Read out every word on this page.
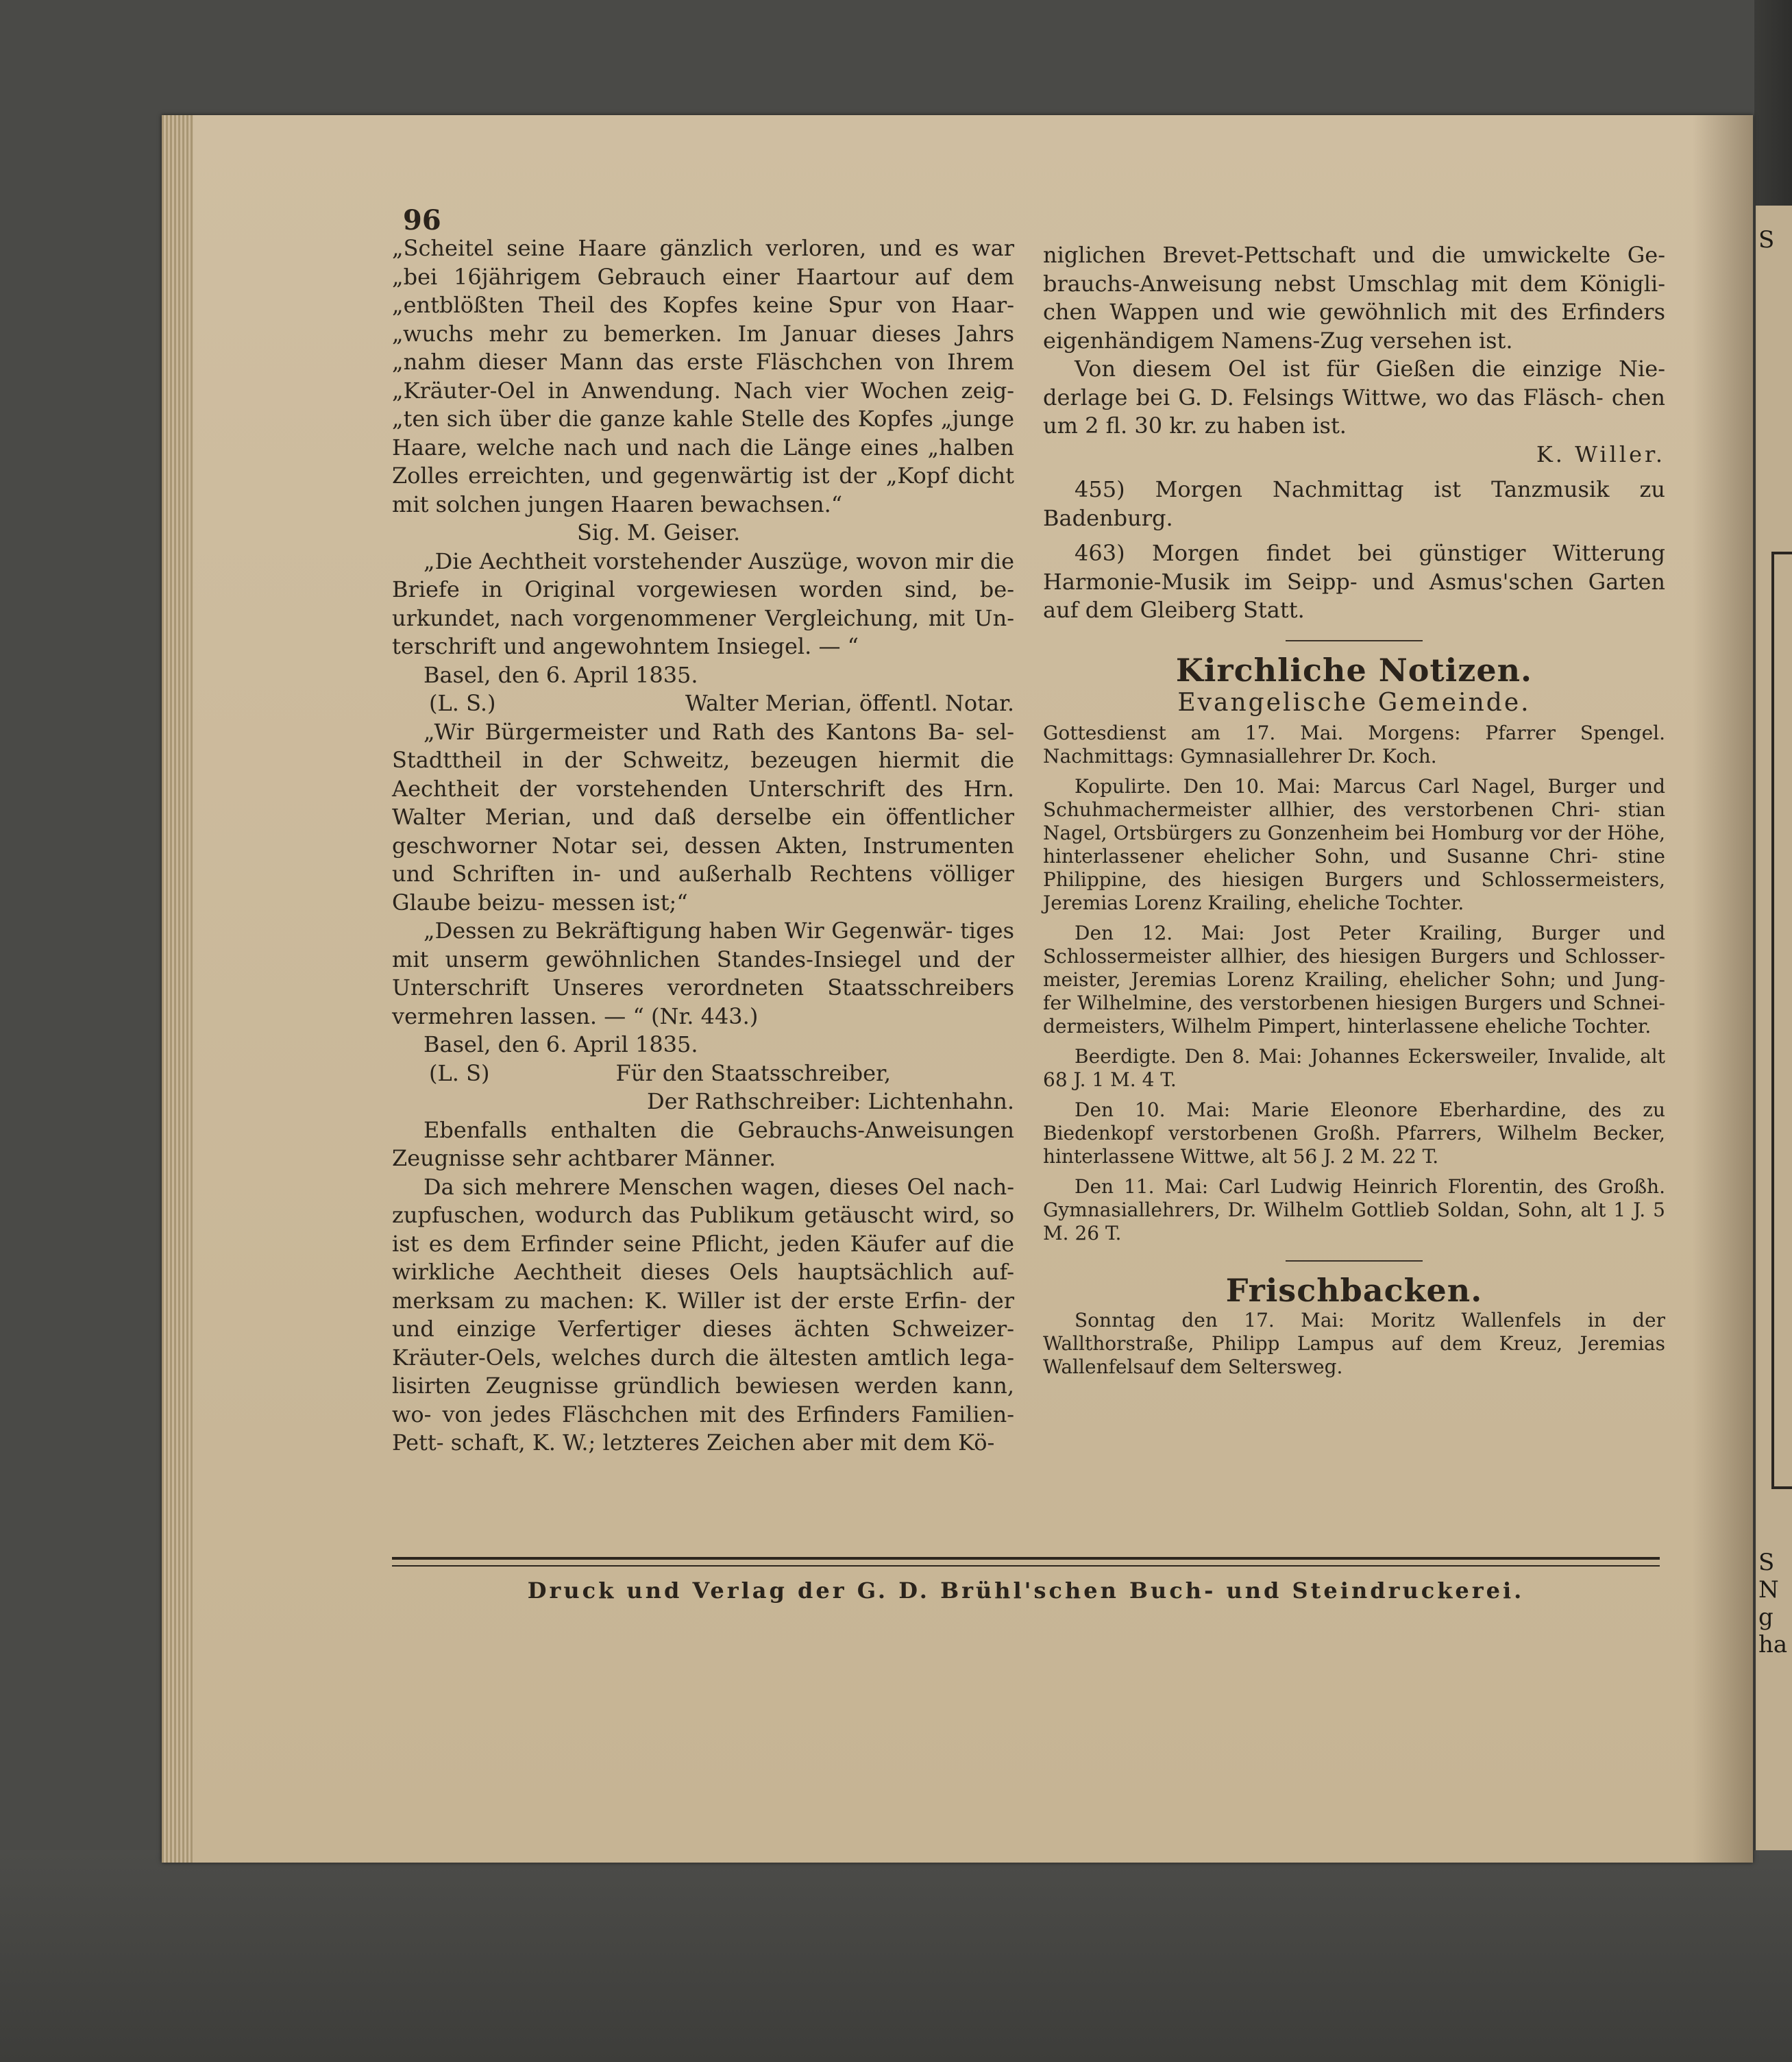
96

„Scheitel seine Haare gänzlich verloren, und es war „bei 16jährigem Gebrauch einer Haartour auf dem „entblößten Theil des Kopfes keine Spur von Haar- „wuchs mehr zu bemerken. Im Januar dieses Jahrs „nahm dieser Mann das erste Fläschchen von Ihrem „Kräuter-Oel in Anwendung. Nach vier Wochen zeig- „ten sich über die ganze kahle Stelle des Kopfes „junge Haare, welche nach und nach die Länge eines „halben Zolles erreichten, und gegenwärtig ist der „Kopf dicht mit solchen jungen Haaren bewachsen.“

Sig. M. Geiser.

„Die Aechtheit vorstehender Auszüge, wovon mir die Briefe in Original vorgewiesen worden sind, be- urkundet, nach vorgenommener Vergleichung, mit Un- terschrift und angewohntem Insiegel. — “

Basel, den 6. April 1835.

(L. S.)	Walter Merian, öffentl. Notar.

„Wir Bürgermeister und Rath des Kantons Ba- sel-Stadttheil in der Schweitz, bezeugen hiermit die Aechtheit der vorstehenden Unterschrift des Hrn. Walter Merian, und daß derselbe ein öffentlicher geschworner Notar sei, dessen Akten, Instrumenten und Schriften in- und außerhalb Rechtens völliger Glaube beizu- messen ist;“

„Dessen zu Bekräftigung haben Wir Gegenwär- tiges mit unserm gewöhnlichen Standes-Insiegel und der Unterschrift Unseres verordneten Staatsschreibers vermehren lassen. — “ (Nr. 443.)

Basel, den 6. April 1835.

(L. S)	Für den Staatsschreiber,

Der Rathschreiber: Lichtenhahn.

Ebenfalls enthalten die Gebrauchs-Anweisungen Zeugnisse sehr achtbarer Männer.

Da sich mehrere Menschen wagen, dieses Oel nach- zupfuschen, wodurch das Publikum getäuscht wird, so ist es dem Erfinder seine Pflicht, jeden Käufer auf die wirkliche Aechtheit dieses Oels hauptsächlich auf- merksam zu machen: K. Willer ist der erste Erfin- der und einzige Verfertiger dieses ächten Schweizer- Kräuter-Oels, welches durch die ältesten amtlich lega- lisirten Zeugnisse gründlich bewiesen werden kann, wo- von jedes Fläschchen mit des Erfinders Familien-Pett- schaft, K. W.; letzteres Zeichen aber mit dem Kö-

niglichen Brevet-Pettschaft und die umwickelte Ge- brauchs-Anweisung nebst Umschlag mit dem Königli- chen Wappen und wie gewöhnlich mit des Erfinders eigenhändigem Namens-Zug versehen ist.

Von diesem Oel ist für Gießen die einzige Nie- derlage bei G. D. Felsings Wittwe, wo das Fläsch- chen um 2 fl. 30 kr. zu haben ist.

K. Willer.

455) Morgen Nachmittag ist Tanzmusik zu Badenburg.

463) Morgen findet bei günstiger Witterung Harmonie-Musik im Seipp- und Asmus'schen Garten auf dem Gleiberg Statt.

Kirchliche Notizen.
Evangelische Gemeinde.

Gottesdienst am 17. Mai. Morgens: Pfarrer Spengel. Nachmittags: Gymnasiallehrer Dr. Koch.

Kopulirte. Den 10. Mai: Marcus Carl Nagel, Burger und Schuhmachermeister allhier, des verstorbenen Chri- stian Nagel, Ortsbürgers zu Gonzenheim bei Homburg vor der Höhe, hinterlassener ehelicher Sohn, und Susanne Chri- stine Philippine, des hiesigen Burgers und Schlossermeisters, Jeremias Lorenz Krailing, eheliche Tochter.

Den 12. Mai: Jost Peter Krailing, Burger und Schlossermeister allhier, des hiesigen Burgers und Schlosser- meister, Jeremias Lorenz Krailing, ehelicher Sohn; und Jung- fer Wilhelmine, des verstorbenen hiesigen Burgers und Schnei- dermeisters, Wilhelm Pimpert, hinterlassene eheliche Tochter.

Beerdigte. Den 8. Mai: Johannes Eckersweiler, Invalide, alt 68 J. 1 M. 4 T.

Den 10. Mai: Marie Eleonore Eberhardine, des zu Biedenkopf verstorbenen Großh. Pfarrers, Wilhelm Becker, hinterlassene Wittwe, alt 56 J. 2 M. 22 T.

Den 11. Mai: Carl Ludwig Heinrich Florentin, des Großh. Gymnasiallehrers, Dr. Wilhelm Gottlieb Soldan, Sohn, alt 1 J. 5 M. 26 T.

Frischbacken.

Sonntag den 17. Mai: Moritz Wallenfels in der Wallthorstraße, Philipp Lampus auf dem Kreuz, Jeremias Wallenfelsauf dem Seltersweg.

Druck und Verlag der G. D. Brühl'schen Buch- und Steindruckerei.
S
S
N
g
ha
